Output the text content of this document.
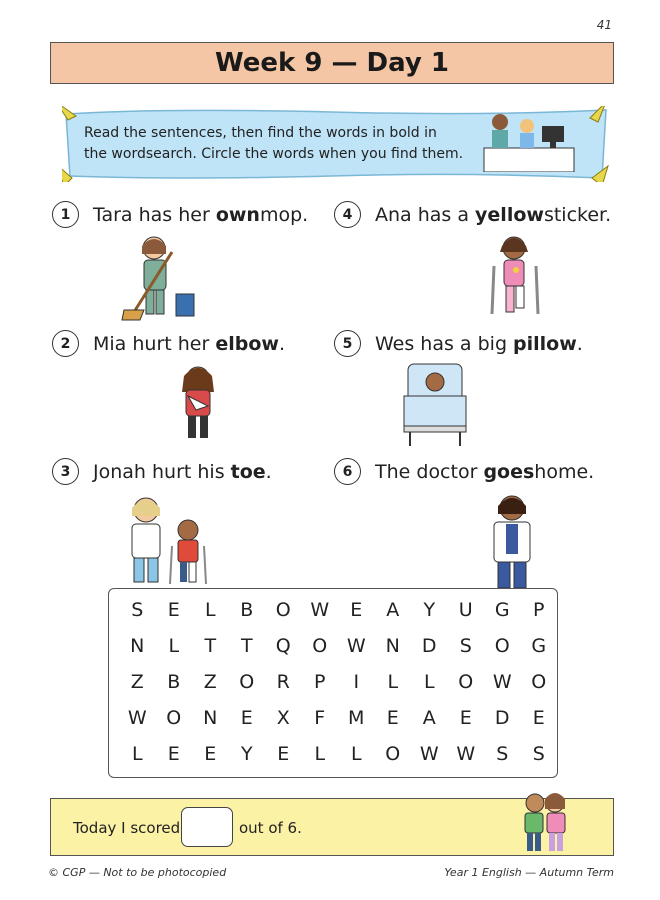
41
Week 9 — Day 1
Read the sentences, then find the words in bold in the wordsearch. Circle the words when you find them.
1	Tara has her own mop.
2	Mia hurt her elbow .
3	Jonah hurt his toe .
4	Ana has a yellow sticker.
5	Wes has a big pillow .
6	The doctor goes home.
S	E	L	B	O	W	E	A	Y	U	G	P
N	L	T	T	Q	O	W	N	D	S	O	G
Z	B	Z	O	R	P	I	L	L	O	W	O
W	O	N	E	X	F	M	E	A	E	D	E
L	E	E	Y	E	L	L	O	W W	S	S
Today I scored	out of 6.
© CGP — Not to be photocopied	Year 1 English — Autumn Term
